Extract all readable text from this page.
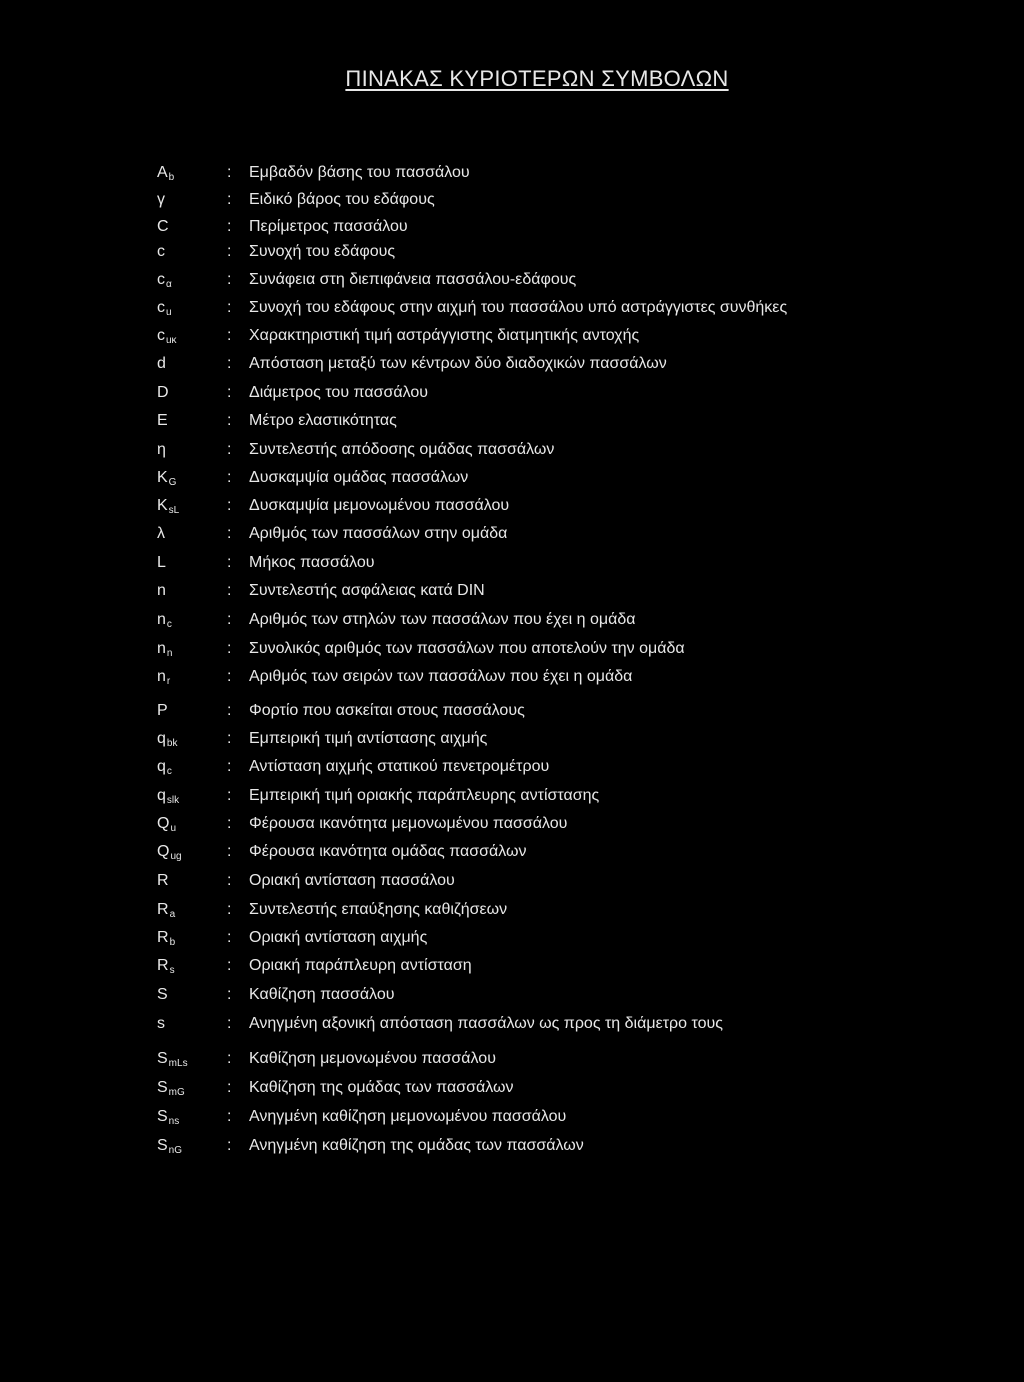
ΠΙΝΑΚΑΣ ΚΥΡΙΟΤΕΡΩΝ ΣΥΜΒΟΛΩΝ
Ab	: Εμβαδόν βάσης του πασσάλου
γ	: Ειδικό βάρος του εδάφους
C	: Περίμετρος πασσάλου
c	: Συνοχή του εδάφους
cα	: Συνάφεια στη διεπιφάνεια πασσάλου-εδάφους
cu	: Συνοχή του εδάφους στην αιχμή του πασσάλου υπό αστράγγιστες συνθήκες
cuκ	: Χαρακτηριστική τιμή αστράγγιστης διατμητικής αντοχής
d	: Απόσταση μεταξύ των κέντρων δύο διαδοχικών πασσάλων
D	: Διάμετρος του πασσάλου
E	: Μέτρο ελαστικότητας
η	: Συντελεστής απόδοσης ομάδας πασσάλων
KG	: Δυσκαμψία ομάδας πασσάλων
KsL	: Δυσκαμψία μεμονωμένου πασσάλου
λ	: Αριθμός των πασσάλων στην ομάδα
L	: Μήκος πασσάλου
n	: Συντελεστής ασφάλειας κατά DIN
nc	: Αριθμός των στηλών των πασσάλων που έχει η ομάδα
nn	: Συνολικός αριθμός των πασσάλων που αποτελούν την ομάδα
nr	: Αριθμός των σειρών των πασσάλων που έχει η ομάδα
P	: Φορτίο που ασκείται στους πασσάλους
qbk	: Εμπειρική τιμή αντίστασης αιχμής
qc	: Αντίσταση αιχμής στατικού πενετρομέτρου
qslk	: Εμπειρική τιμή οριακής παράπλευρης αντίστασης
Qu	: Φέρουσα ικανότητα μεμονωμένου πασσάλου
Qug	: Φέρουσα ικανότητα ομάδας πασσάλων
R	: Οριακή αντίσταση πασσάλου
Ra	: Συντελεστής επαύξησης καθιζήσεων
Rb	: Οριακή αντίσταση αιχμής
Rs	: Οριακή παράπλευρη αντίσταση
S	: Καθίζηση πασσάλου
s	: Ανηγμένη αξονική απόσταση πασσάλων ως προς τη διάμετρο τους
SmLs : Καθίζηση μεμονωμένου πασσάλου
SmG	: Καθίζηση της ομάδας των πασσάλων
Sns	: Ανηγμένη καθίζηση μεμονωμένου πασσάλου
SnG	: Ανηγμένη καθίζηση της ομάδας των πασσάλων
